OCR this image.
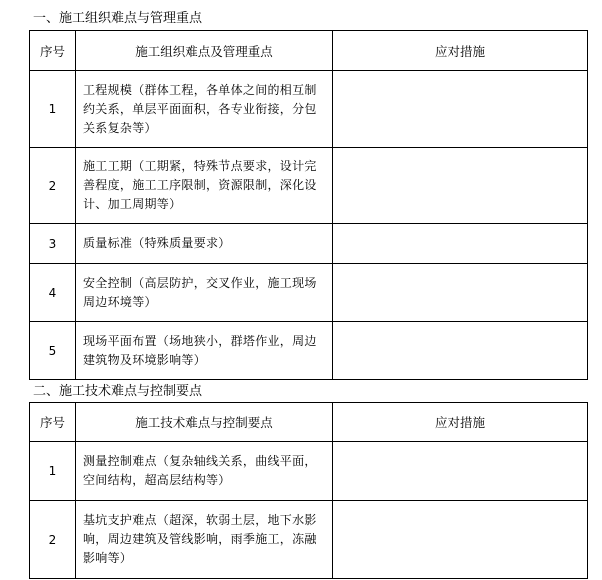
一、施工组织难点与管理重点
序号	施工组织难点及管理重点	应对措施
1	工程规模（群体工程，各单体之间的相互制约关系，单层平面面积，各专业衔接，分包关系复杂等）	
2	施工工期（工期紧，特殊节点要求，设计完善程度，施工工序限制，资源限制，深化设计、加工周期等）	
3	质量标准（特殊质量要求）	
4	安全控制（高层防护，交叉作业，施工现场周边环境等）	
5	现场平面布置（场地狭小，群塔作业，周边建筑物及环境影响等）	
二、施工技术难点与控制要点
序号	施工技术难点与控制要点	应对措施
1	测量控制难点（复杂轴线关系，曲线平面，空间结构，超高层结构等）	
2	基坑支护难点（超深，软弱土层，地下水影响，周边建筑及管线影响，雨季施工，冻融影响等）	
